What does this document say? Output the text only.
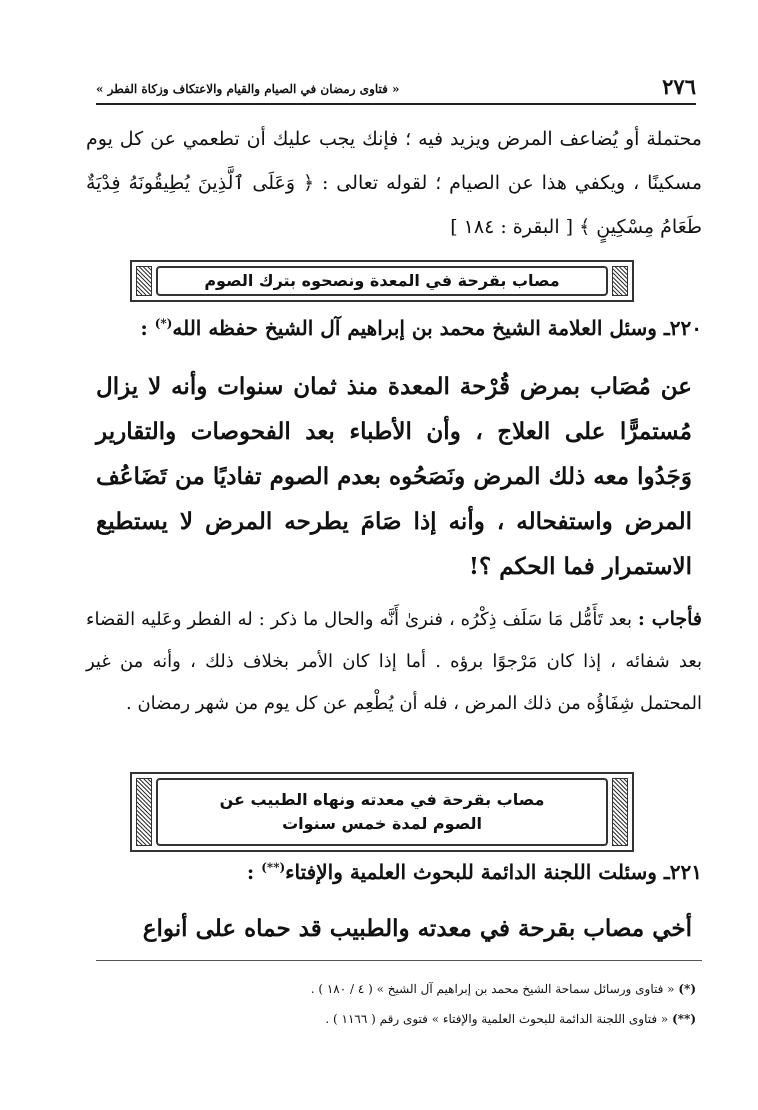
٢٧٦
« فتاوى رمضان في الصيام والقيام والاعتكاف وزكاة الفطر »
محتملة أو يُضاعف المرض ويزيد فيه ؛ فإنك يجب عليك أن تطعمي عن كل يوم مسكينًا ، ويكفي هذا عن الصيام ؛ لقوله تعالى : ﴿ وَعَلَى ٱلَّذِينَ يُطِيقُونَهُ فِدْيَةٌ طَعَامُ مِسْكِينٍ ﴾ [ البقرة : ١٨٤ ]
مصاب بقرحة في المعدة ونصحوه بترك الصوم
٢٢٠ـ وسئل العلامة الشيخ محمد بن إبراهيم آل الشيخ حفظه الله(*) :
عن مُصَاب بمرض قُرْحة المعدة منذ ثمان سنوات وأنه لا يزال مُستمرًّا على العلاج ، وأن الأطباء بعد الفحوصات والتقارير وَجَدُوا معه ذلك المرض ونَصَحُوه بعدم الصوم تفاديًا من تَضَاعُف المرض واستفحاله ، وأنه إذا صَامَ يطرحه المرض لا يستطيع الاستمرار فما الحكم ؟!
فأجاب : بعد تَأَمُّل مَا سَلَف ذِكْرُه ، فنرىٰ أَنَّه والحال ما ذكر : له الفطر وعَليه القضاء بعد شفائه ، إذا كان مَرْجوًا برؤه . أما إذا كان الأمر بخلاف ذلك ، وأنه من غير المحتمل شِفَاؤُه من ذلك المرض ، فله أن يُطْعِم عن كل يوم من شهر رمضان .
مصاب بقرحة في معدته ونهاه الطبيب عن
الصوم لمدة خمس سنوات
٢٢١ـ وسئلت اللجنة الدائمة للبحوث العلمية والإفتاء(**) :
أخي مصاب بقرحة في معدته والطبيب قد حماه على أنواع
(*) « فتاوى ورسائل سماحة الشيخ محمد بن إبراهيم آل الشيخ » ( ٤ / ١٨٠ ) .
(**) « فتاوى اللجنة الدائمة للبحوث العلمية والإفتاء » فتوى رقم ( ١١٦٦ ) .
